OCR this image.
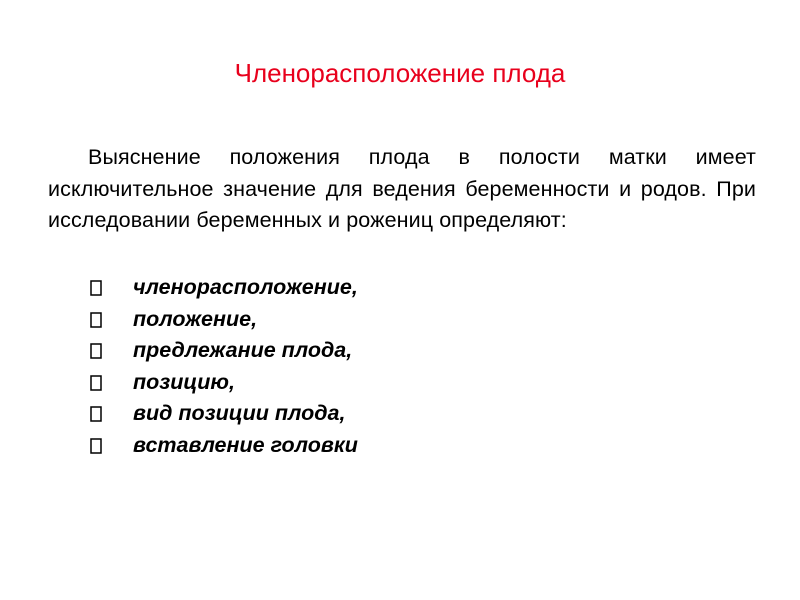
Членорасположение плода
Выяснение положения плода в полости матки имеет исключительное значение для ведения беременности и родов. При исследовании беременных и рожениц определяют:
членорасположение,
положение,
предлежание плода,
позицию,
вид позиции плода,
вставление головки
